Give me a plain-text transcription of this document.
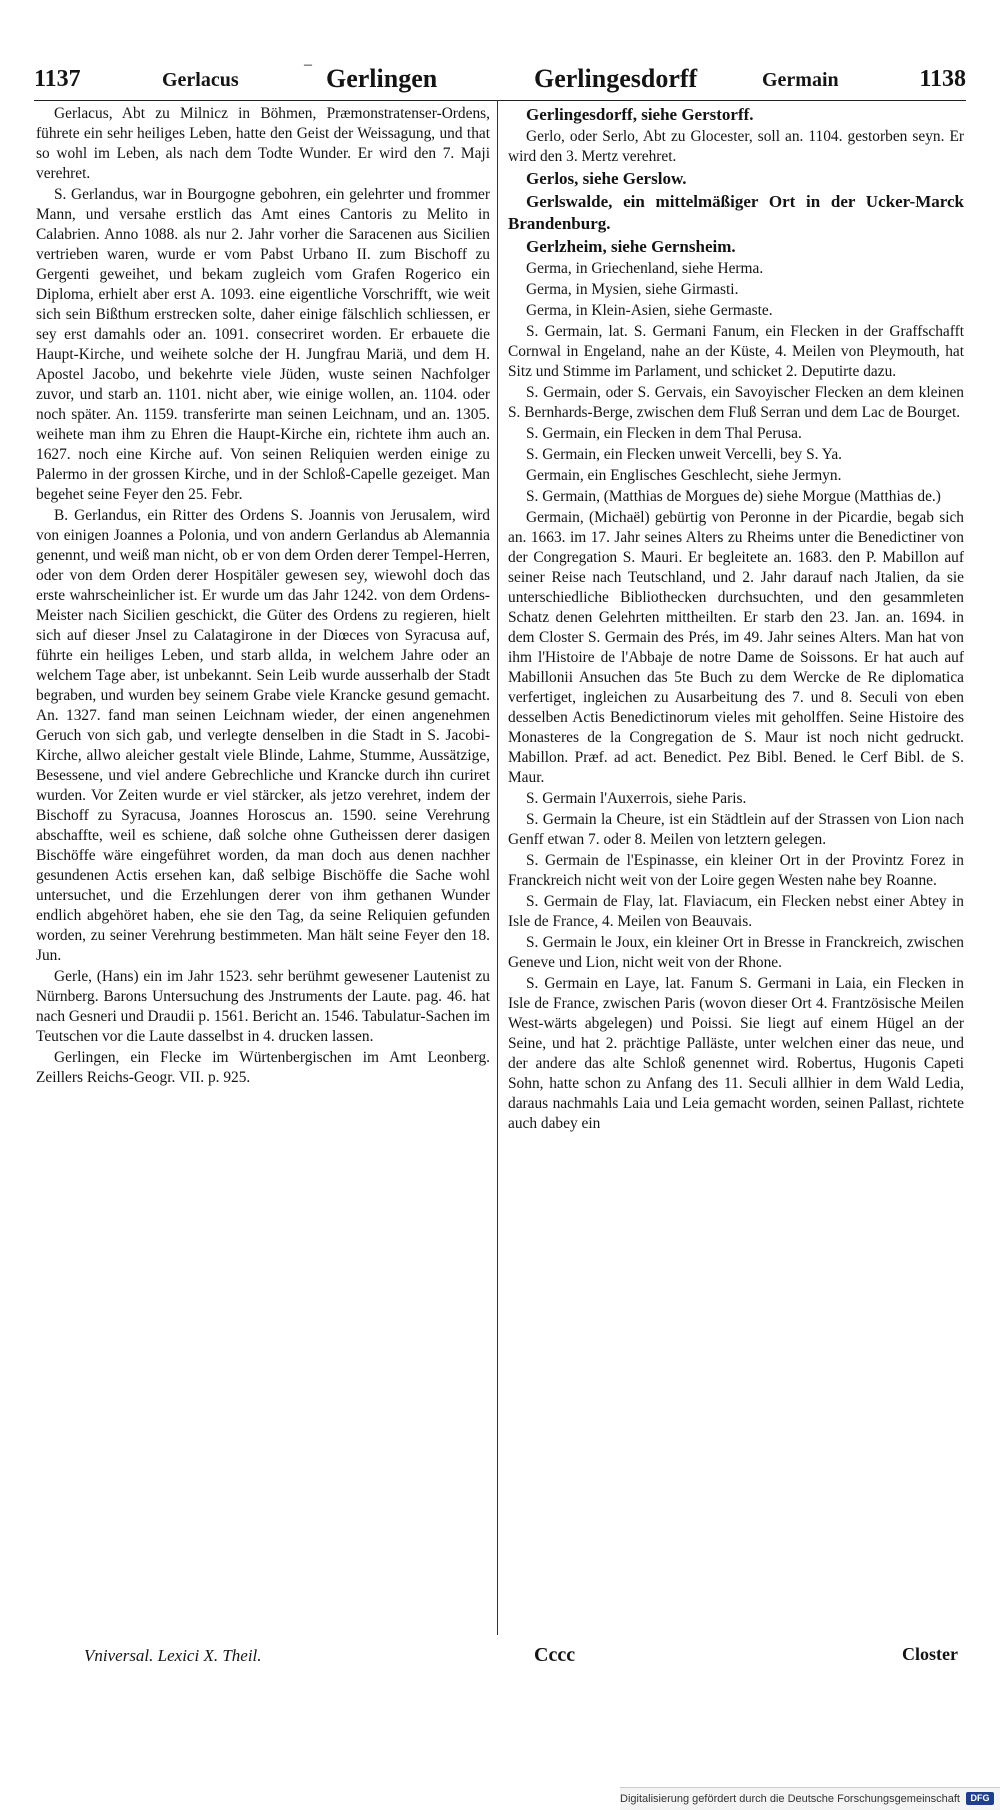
1137	Gerlacus
– Gerlingen	Gerlingesdorff	Germain	1138

Gerlacus, Abt zu Milnicz in Böhmen, Præmonstratenser-Ordens, führete ein sehr heiliges Leben, hatte den Geist der Weissagung, und that so wohl im Leben, als nach dem Todte Wunder. Er wird den 7. Maji verehret.

S. Gerlandus, war in Bourgogne gebohren, ein gelehrter und frommer Mann, und versahe erstlich das Amt eines Cantoris zu Melito in Calabrien. Anno 1088. als nur 2. Jahr vorher die Saracenen aus Sicilien vertrieben waren, wurde er vom Pabst Urbano II. zum Bischoff zu Gergenti geweihet, und bekam zugleich vom Grafen Rogerico ein Diploma, erhielt aber erst A. 1093. eine eigentliche Vorschrifft, wie weit sich sein Bißthum erstrecken solte, daher einige fälschlich schliessen, er sey erst damahls oder an. 1091. consecriret worden. Er erbauete die Haupt-Kirche, und weihete solche der H. Jungfrau Mariä, und dem H. Apostel Jacobo, und bekehrte viele Jüden, wuste seinen Nachfolger zuvor, und starb an. 1101. nicht aber, wie einige wollen, an. 1104. oder noch später. An. 1159. transferirte man seinen Leichnam, und an. 1305. weihete man ihm zu Ehren die Haupt-Kirche ein, richtete ihm auch an. 1627. noch eine Kirche auf. Von seinen Reliquien werden einige zu Palermo in der grossen Kirche, und in der Schloß-Capelle gezeiget. Man begehet seine Feyer den 25. Febr.

B. Gerlandus, ein Ritter des Ordens S. Joannis von Jerusalem, wird von einigen Joannes a Polonia, und von andern Gerlandus ab Alemannia genennt, und weiß man nicht, ob er von dem Orden derer Tempel-Herren, oder von dem Orden derer Hospitäler gewesen sey, wiewohl doch das erste wahrscheinlicher ist. Er wurde um das Jahr 1242. von dem Ordens-Meister nach Sicilien geschickt, die Güter des Ordens zu regieren, hielt sich auf dieser Jnsel zu Calatagirone in der Diœces von Syracusa auf, führte ein heiliges Leben, und starb allda, in welchem Jahre oder an welchem Tage aber, ist unbekannt. Sein Leib wurde ausserhalb der Stadt begraben, und wurden bey seinem Grabe viele Krancke gesund gemacht. An. 1327. fand man seinen Leichnam wieder, der einen angenehmen Geruch von sich gab, und verlegte denselben in die Stadt in S. Jacobi-Kirche, allwo aleicher gestalt viele Blinde, Lahme, Stumme, Aussätzige, Besessene, und viel andere Gebrechliche und Krancke durch ihn curiret wurden. Vor Zeiten wurde er viel stärcker, als jetzo verehret, indem der Bischoff zu Syracusa, Joannes Horoscus an. 1590. seine Verehrung abschaffte, weil es schiene, daß solche ohne Gutheissen derer dasigen Bischöffe wäre eingeführet worden, da man doch aus denen nachher gesundenen Actis ersehen kan, daß selbige Bischöffe die Sache wohl untersuchet, und die Erzehlungen derer von ihm gethanen Wunder endlich abgehöret haben, ehe sie den Tag, da seine Reliquien gefunden worden, zu seiner Verehrung bestimmeten. Man hält seine Feyer den 18. Jun.

Gerle, (Hans) ein im Jahr 1523. sehr berühmt gewesener Lautenist zu Nürnberg. Barons Untersuchung des Jnstruments der Laute. pag. 46. hat nach Gesneri und Draudii p. 1561. Bericht an. 1546. Tabulatur-Sachen im Teutschen vor die Laute dasselbst in 4. drucken lassen.

Gerlingen, ein Flecke im Würtenbergischen im Amt Leonberg. Zeillers Reichs-Geogr. VII. p. 925.

Gerlingesdorff, siehe Gerstorff.

Gerlo, oder Serlo, Abt zu Glocester, soll an. 1104. gestorben seyn. Er wird den 3. Mertz verehret.

Gerlos, siehe Gerslow.

Gerlswalde, ein mittelmäßiger Ort in der Ucker-Marck Brandenburg.

Gerlzheim, siehe Gernsheim.

Germa, in Griechenland, siehe Herma.

Germa, in Mysien, siehe Girmasti.

Germa, in Klein-Asien, siehe Germaste.

S. Germain, lat. S. Germani Fanum, ein Flecken in der Graffschafft Cornwal in Engeland, nahe an der Küste, 4. Meilen von Pleymouth, hat Sitz und Stimme im Parlament, und schicket 2. Deputirte dazu.

S. Germain, oder S. Gervais, ein Savoyischer Flecken an dem kleinen S. Bernhards-Berge, zwischen dem Fluß Serran und dem Lac de Bourget.

S. Germain, ein Flecken in dem Thal Perusa.

S. Germain, ein Flecken unweit Vercelli, bey S. Ya.

Germain, ein Englisches Geschlecht, siehe Jermyn.

S. Germain, (Matthias de Morgues de) siehe Morgue (Matthias de.)

Germain, (Michaël) gebürtig von Peronne in der Picardie, begab sich an. 1663. im 17. Jahr seines Alters zu Rheims unter die Benedictiner von der Congregation S. Mauri. Er begleitete an. 1683. den P. Mabillon auf seiner Reise nach Teutschland, und 2. Jahr darauf nach Jtalien, da sie unterschiedliche Bibliothecken durchsuchten, und den gesammleten Schatz denen Gelehrten mittheilten. Er starb den 23. Jan. an. 1694. in dem Closter S. Germain des Prés, im 49. Jahr seines Alters. Man hat von ihm l'Histoire de l'Abbaje de notre Dame de Soissons. Er hat auch auf Mabillonii Ansuchen das 5te Buch zu dem Wercke de Re diplomatica verfertiget, ingleichen zu Ausarbeitung des 7. und 8. Seculi von eben desselben Actis Benedictinorum vieles mit geholffen. Seine Histoire des Monasteres de la Congregation de S. Maur ist noch nicht gedruckt. Mabillon. Præf. ad act. Benedict. Pez Bibl. Bened. le Cerf Bibl. de S. Maur.

S. Germain l'Auxerrois, siehe Paris.

S. Germain la Cheure, ist ein Städtlein auf der Strassen von Lion nach Genff etwan 7. oder 8. Meilen von letztern gelegen.

S. Germain de l'Espinasse, ein kleiner Ort in der Provintz Forez in Franckreich nicht weit von der Loire gegen Westen nahe bey Roanne.

S. Germain de Flay, lat. Flaviacum, ein Flecken nebst einer Abtey in Isle de France, 4. Meilen von Beauvais.

S. Germain le Joux, ein kleiner Ort in Bresse in Franckreich, zwischen Geneve und Lion, nicht weit von der Rhone.

S. Germain en Laye, lat. Fanum S. Germani in Laia, ein Flecken in Isle de France, zwischen Paris (wovon dieser Ort 4. Frantzösische Meilen West-wärts abgelegen) und Poissi. Sie liegt auf einem Hügel an der Seine, und hat 2. prächtige Palläste, unter welchen einer das neue, und der andere das alte Schloß genennet wird. Robertus, Hugonis Capeti Sohn, hatte schon zu Anfang des 11. Seculi allhier in dem Wald Ledia, daraus nachmahls Laia und Leia gemacht worden, seinen Pallast, richtete auch dabey ein

Vniversal. Lexici X. Theil.	Cccc	Closter
Digitalisierung gefördert durch die Deutsche Forschungsgemeinschaft	DFG
